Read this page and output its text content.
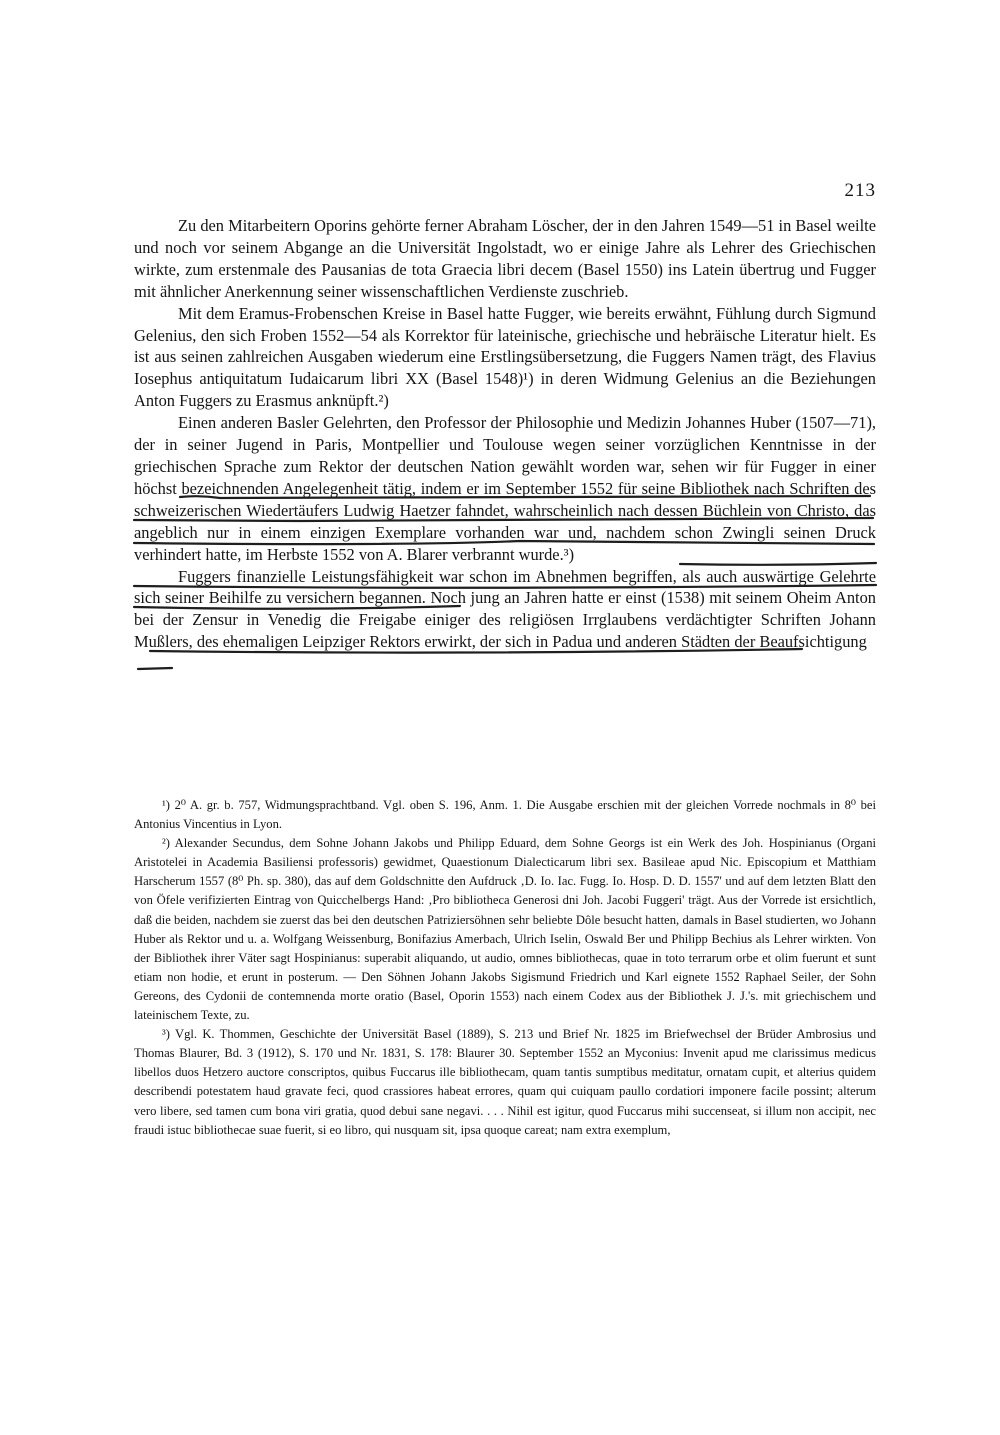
213

Zu den Mitarbeitern Oporins gehörte ferner Abraham Löscher, der in den Jahren 1549—51 in Basel weilte und noch vor seinem Abgange an die Universität Ingolstadt, wo er einige Jahre als Lehrer des Griechischen wirkte, zum erstenmale des Pausanias de tota Graecia libri decem (Basel 1550) ins Latein übertrug und Fugger mit ähnlicher Anerkennung seiner wissenschaftlichen Verdienste zuschrieb.

Mit dem Eramus-Frobenschen Kreise in Basel hatte Fugger, wie bereits erwähnt, Fühlung durch Sigmund Gelenius, den sich Froben 1552—54 als Korrektor für lateinische, griechische und hebräische Literatur hielt. Es ist aus seinen zahlreichen Ausgaben wiederum eine Erstlingsübersetzung, die Fuggers Namen trägt, des Flavius Iosephus antiquitatum Iudaicarum libri XX (Basel 1548)¹) in deren Widmung Gelenius an die Beziehungen Anton Fuggers zu Erasmus anknüpft.²)

Einen anderen Basler Gelehrten, den Professor der Philosophie und Medizin Johannes Huber (1507—71), der in seiner Jugend in Paris, Montpellier und Toulouse wegen seiner vorzüglichen Kenntnisse in der griechischen Sprache zum Rektor der deutschen Nation gewählt worden war, sehen wir für Fugger in einer höchst bezeichnenden Angelegenheit tätig, indem er im September 1552 für seine Bibliothek nach Schriften des schweizerischen Wiedertäufers Ludwig Haetzer fahndet, wahrscheinlich nach dessen Büchlein von Christo, das angeblich nur in einem einzigen Exemplare vorhanden war und, nachdem schon Zwingli seinen Druck verhindert hatte, im Herbste 1552 von A. Blarer verbrannt wurde.³)

Fuggers finanzielle Leistungsfähigkeit war schon im Abnehmen begriffen, als auch auswärtige Gelehrte sich seiner Beihilfe zu versichern begannen. Noch jung an Jahren hatte er einst (1538) mit seinem Oheim Anton bei der Zensur in Venedig die Freigabe einiger des religiösen Irrglaubens verdächtigter Schriften Johann Mußlers, des ehemaligen Leipziger Rektors erwirkt, der sich in Padua und anderen Städten der Beaufsichtigung

¹) 2⁰ A. gr. b. 757, Widmungsprachtband. Vgl. oben S. 196, Anm. 1. Die Ausgabe erschien mit der gleichen Vorrede nochmals in 8⁰ bei Antonius Vincentius in Lyon.

²) Alexander Secundus, dem Sohne Johann Jakobs und Philipp Eduard, dem Sohne Georgs ist ein Werk des Joh. Hospinianus (Organi Aristotelei in Academia Basiliensi professoris) gewidmet, Quaestionum Dialecticarum libri sex. Basileae apud Nic. Episcopium et Matthiam Harscherum 1557 (8⁰ Ph. sp. 380), das auf dem Goldschnitte den Aufdruck ‚D. Io. Iac. Fugg. Io. Hosp. D. D. 1557' und auf dem letzten Blatt den von Öfele verifizierten Eintrag von Quicchelbergs Hand: ‚Pro bibliotheca Generosi dni Joh. Jacobi Fuggeri' trägt. Aus der Vorrede ist ersichtlich, daß die beiden, nachdem sie zuerst das bei den deutschen Patriziersöhnen sehr beliebte Dôle besucht hatten, damals in Basel studierten, wo Johann Huber als Rektor und u. a. Wolfgang Weissenburg, Bonifazius Amerbach, Ulrich Iselin, Oswald Ber und Philipp Bechius als Lehrer wirkten. Von der Bibliothek ihrer Väter sagt Hospinianus: superabit aliquando, ut audio, omnes bibliothecas, quae in toto terrarum orbe et olim fuerunt et sunt etiam non hodie, et erunt in posterum. — Den Söhnen Johann Jakobs Sigismund Friedrich und Karl eignete 1552 Raphael Seiler, der Sohn Gereons, des Cydonii de contemnenda morte oratio (Basel, Oporin 1553) nach einem Codex aus der Bibliothek J. J.'s. mit griechischem und lateinischem Texte, zu.

³) Vgl. K. Thommen, Geschichte der Universität Basel (1889), S. 213 und Brief Nr. 1825 im Briefwechsel der Brüder Ambrosius und Thomas Blaurer, Bd. 3 (1912), S. 170 und Nr. 1831, S. 178: Blaurer 30. September 1552 an Myconius: Invenit apud me clarissimus medicus libellos duos Hetzero auctore conscriptos, quibus Fuccarus ille bibliothecam, quam tantis sumptibus meditatur, ornatam cupit, et alterius quidem describendi potestatem haud gravate feci, quod crassiores habeat errores, quam qui cuiquam paullo cordatiori imponere facile possint; alterum vero libere, sed tamen cum bona viri gratia, quod debui sane negavi. . . . Nihil est igitur, quod Fuccarus mihi succenseat, si illum non accipit, nec fraudi istuc bibliothecae suae fuerit, si eo libro, qui nusquam sit, ipsa quoque careat; nam extra exemplum,
